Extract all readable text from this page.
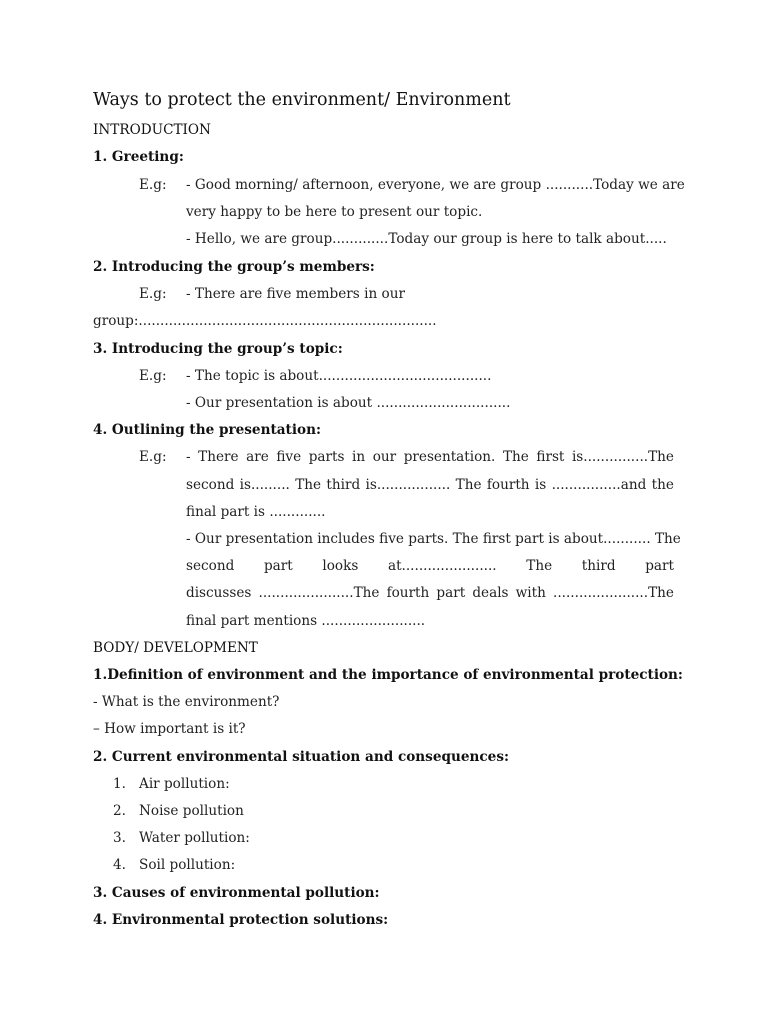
Ways to protect the environment/ Environment
INTRODUCTION
1. Greeting:
E.g: - Good morning/ afternoon, everyone, we are group ...........Today we are
very happy to be here to present our topic.
- Hello, we are group.............Today our group is here to talk about.....
2. Introducing the group’s members:
E.g: - There are five members in our
group:.....................................................................
3. Introducing the group’s topic:
E.g: - The topic is about........................................
- Our presentation is about ...............................
4. Outlining the presentation:
E.g: - There are five parts in our presentation. The first is...............The
second is......... The third is................. The fourth is ................and the
final part is .............
- Our presentation includes five parts. The first part is about........... The
second part looks at...................... The third part
discusses ......................The fourth part deals with ......................The
final part mentions ........................
BODY/ DEVELOPMENT
1.Definition of environment and the importance of environmental protection:
- What is the environment?
– How important is it?
2. Current environmental situation and consequences:
1. Air pollution:
2. Noise pollution
3. Water pollution:
4. Soil pollution:
3. Causes of environmental pollution:
4. Environmental protection solutions:
